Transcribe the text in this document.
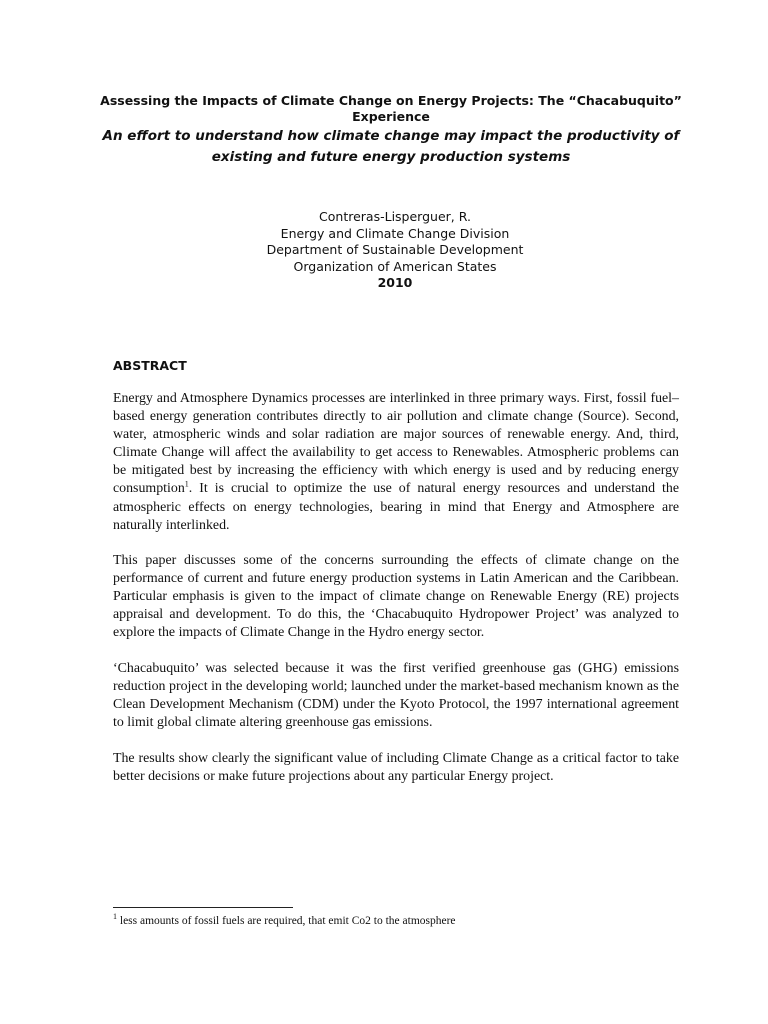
Assessing the Impacts of Climate Change on Energy Projects: The “Chacabuquito” Experience

An effort to understand how climate change may impact the productivity of existing and future energy production systems

Contreras-Lisperguer, R.
Energy and Climate Change Division
Department of Sustainable Development
Organization of American States
2010
ABSTRACT

Energy and Atmosphere Dynamics processes are interlinked in three primary ways. First, fossil fuel–based energy generation contributes directly to air pollution and climate change (Source). Second, water, atmospheric winds and solar radiation are major sources of renewable energy. And, third, Climate Change will affect the availability to get access to Renewables. Atmospheric problems can be mitigated best by increasing the efficiency with which energy is used and by reducing energy consumption$^1$. It is crucial to optimize the use of natural energy resources and understand the atmospheric effects on energy technologies, bearing in mind that Energy and Atmosphere are naturally interlinked.

This paper discusses some of the concerns surrounding the effects of climate change on the performance of current and future energy production systems in Latin American and the Caribbean. Particular emphasis is given to the impact of climate change on Renewable Energy (RE) projects appraisal and development. To do this, the ‘Chacabuquito Hydropower Project’ was analyzed to explore the impacts of Climate Change in the Hydro energy sector.

‘Chacabuquito’ was selected because it was the first verified greenhouse gas (GHG) emissions reduction project in the developing world; launched under the market-based mechanism known as the Clean Development Mechanism (CDM) under the Kyoto Protocol, the 1997 international agreement to limit global climate altering greenhouse gas emissions.

The results show clearly the significant value of including Climate Change as a critical factor to take better decisions or make future projections about any particular Energy project.

$^1$ less amounts of fossil fuels are required, that emit Co2 to the atmosphere
